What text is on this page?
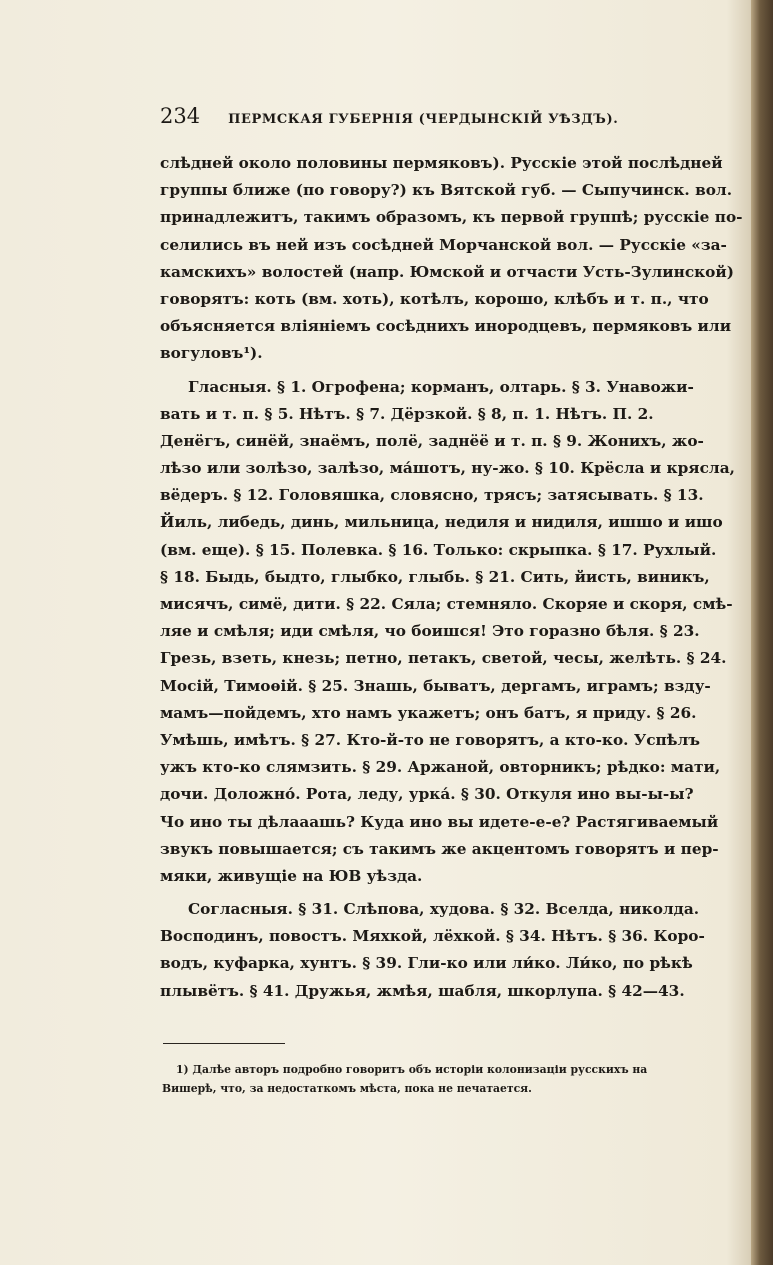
234 ПЕРМСКАЯ ГУБЕРНІЯ (ЧЕРДЫНСКІЙ УѢЗДЪ).
слѣдней около половины пермяковъ). Русскіе этой послѣдней
группы ближе (по говору?) къ Вятской губ. — Сыпучинск. вол.
принадлежитъ, такимъ образомъ, къ первой группѣ; русскіе по-
селились въ ней изъ сосѣдней Морчанской вол. — Русскіе «за-
камскихъ» волостей (напр. Юмской и отчасти Усть-Зулинской)
говорятъ: коть (вм. хоть), котѣлъ, корошо, клѣбъ и т. п., что
объясняется вліяніемъ сосѣднихъ инородцевъ, пермяковъ или
вогуловъ¹).
Гласныя. § 1. Огрофена; корманъ, олтарь. § 3. Унавожи-
вать и т. п. § 5. Нѣтъ. § 7. Дёрзкой. § 8, п. 1. Нѣтъ. П. 2.
Денёгъ, синёй, знаёмъ, полё, заднёё и т. п. § 9. Жонихъ, жо-
лѣзо или золѣзо, залѣзо, ма́шотъ, ну-жо. § 10. Крёсла и крясла,
вёдеръ. § 12. Головяшка, словясно, трясъ; затясывать. § 13.
Йиль, либедь, динь, мильница, недиля и нидиля, ишшо и ишо
(вм. еще). § 15. Полевка. § 16. Только: скрыпка. § 17. Рухлый.
§ 18. Быдь, быдто, глыбко, глыбь. § 21. Сить, йисть, виникъ,
мисячъ, симё, дити. § 22. Сяла; стемняло. Скоряе и скоря, смѣ-
ляе и смѣля; иди смѣля, чо боишся! Это горазно бѣля. § 23.
Грезь, взеть, кнезь; петно, петакъ, светой, чесы, желѣть. § 24.
Мосій, Тимоѳій. § 25. Знашь, быватъ, дергамъ, играмъ; взду-
мамъ—пойдемъ, хто намъ укажетъ; онъ батъ, я приду. § 26.
Умѣшь, имѣтъ. § 27. Кто-й-то не говорятъ, а кто-ко. Успѣлъ
ужъ кто-ко слямзить. § 29. Аржаной, овторникъ; рѣдко: мати,
дочи. Доложно́. Рота, леду, урка́. § 30. Откуля ино вы-ы-ы?
Чо ино ты дѣлааашь? Куда ино вы идете-е-е? Растягиваемый
звукъ повышается; съ такимъ же акцентомъ говорятъ и пер-
мяки, живущіе на ЮВ уѣзда.
Согласныя. § 31. Слѣпова, худова. § 32. Вселда, николда.
Восподинъ, повостъ. Мяхкой, лёхкой. § 34. Нѣтъ. § 36. Коро-
водъ, куфарка, хунтъ. § 39. Гли-ко или ли́ко. Ли́ко, по рѣкѣ
плывётъ. § 41. Дружья, жмѣя, шабля, шкорлупа. § 42—43.
1) Далѣе авторъ подробно говоритъ объ исторіи колонизаціи русскихъ на
Вишерѣ, что, за недостаткомъ мѣста, пока не печатается.
